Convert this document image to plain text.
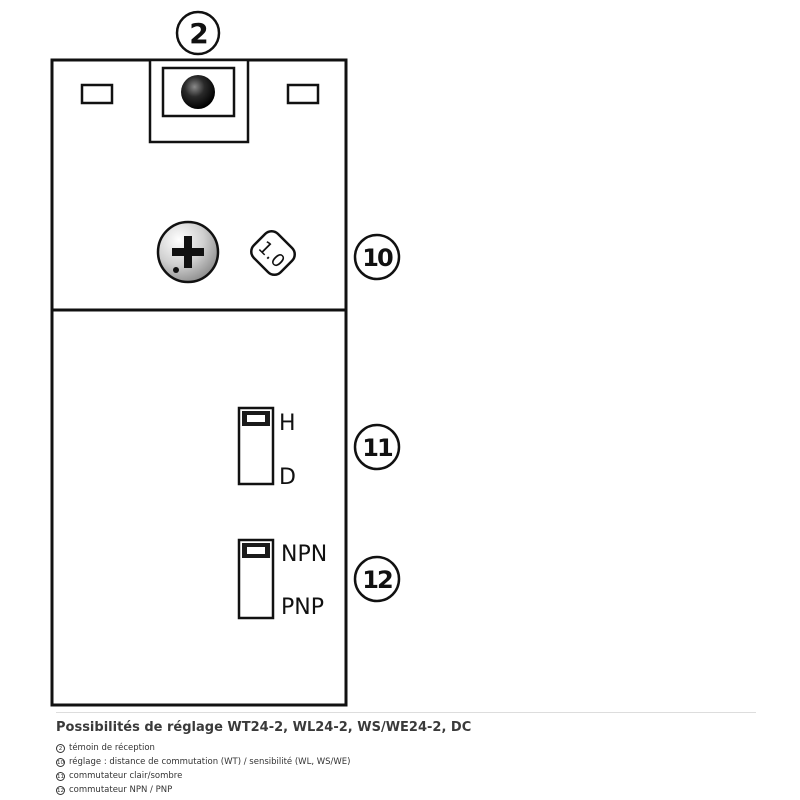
1.0
H
D
NPN
PNP
2
10
11
12
Possibilités de réglage WT24-2, WL24-2, WS/WE24-2, DC
2 témoin de réception
10 réglage : distance de commutation (WT) / sensibilité (WL, WS/WE)
11 commutateur clair/sombre
12 commutateur NPN / PNP
